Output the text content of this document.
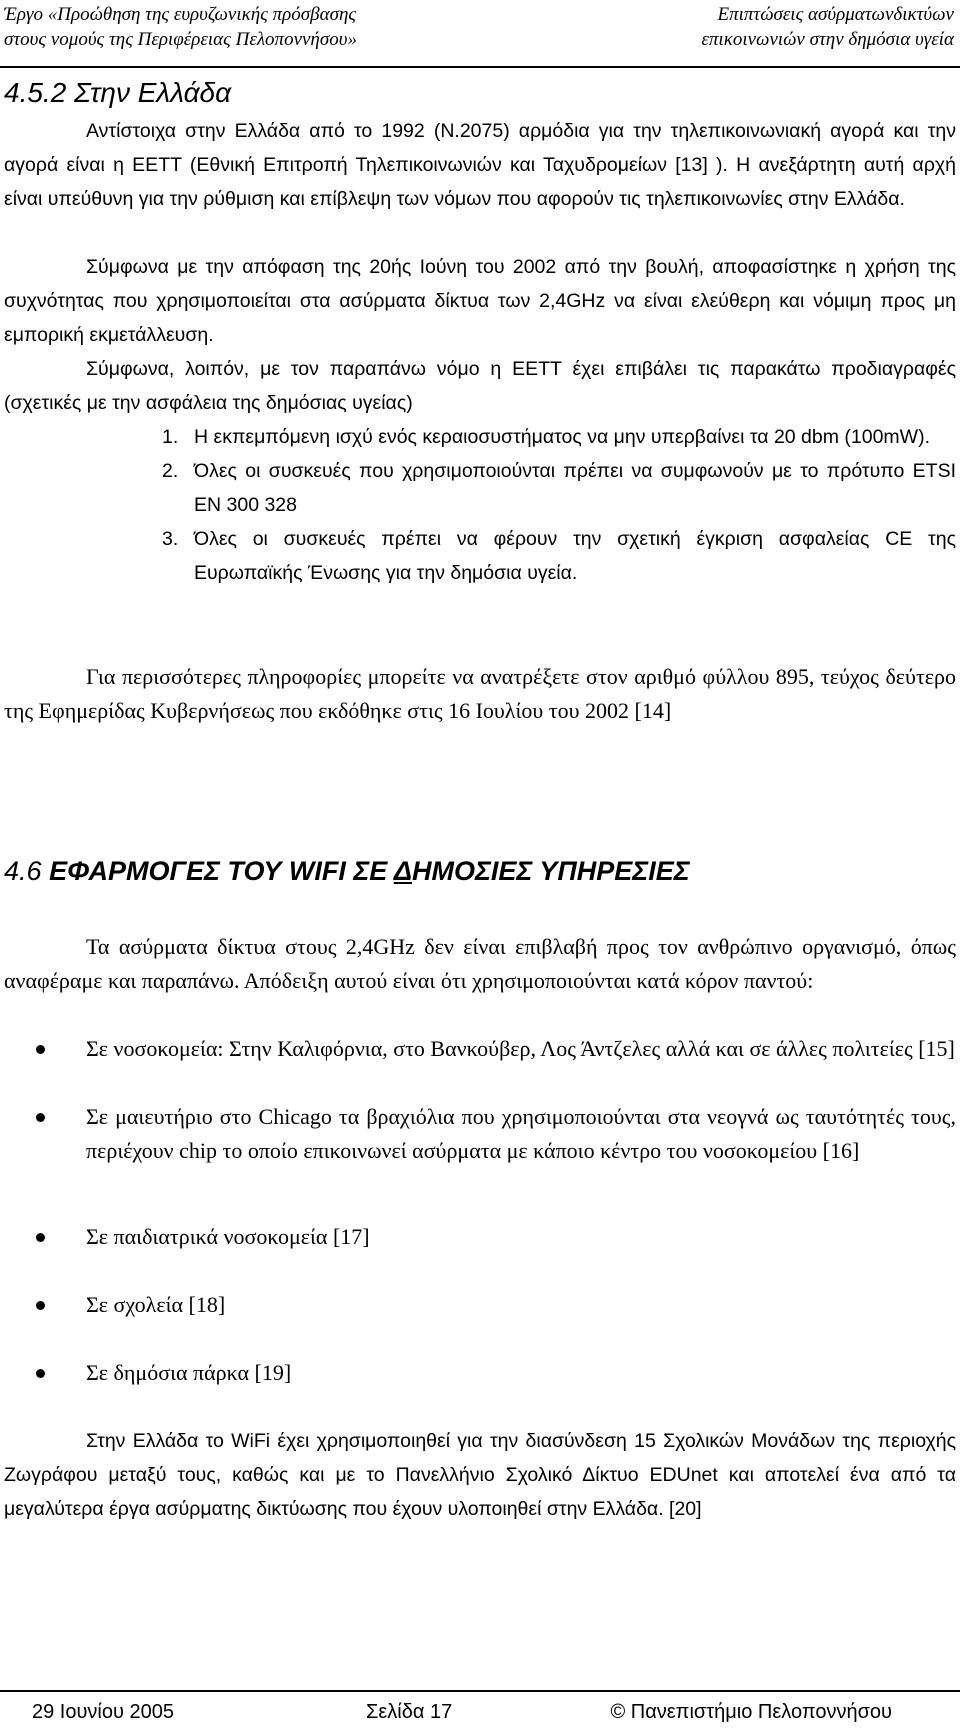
Έργο «Προώθηση της ευρυζωνικής πρόσβασης
στους νομούς της Περιφέρειας Πελοποννήσου»
Επιπτώσεις ασύρματωνδικτύων
επικοινωνιών στην δημόσια υγεία
4.5.2 Στην Ελλάδα

Αντίστοιχα στην Ελλάδα από το 1992 (Ν.2075) αρμόδια για την τηλεπικοινωνιακή αγορά και την αγορά είναι η ΕΕΤΤ (Εθνική Επιτροπή Τηλεπικοινωνιών και Ταχυδρομείων [13] ). Η ανεξάρτητη αυτή αρχή είναι υπεύθυνη για την ρύθμιση και επίβλεψη των νόμων που αφορούν τις τηλεπικοινωνίες στην Ελλάδα.

Σύμφωνα με την απόφαση της 20ής Ιούνη του 2002 από την βουλή, αποφασίστηκε η χρήση της συχνότητας που χρησιμοποιείται στα ασύρματα δίκτυα των 2,4GHz να είναι ελεύθερη και νόμιμη προς μη εμπορική εκμετάλλευση.

Σύμφωνα, λοιπόν, με τον παραπάνω νόμο η ΕΕΤΤ έχει επιβάλει τις παρακάτω προδιαγραφές (σχετικές με την ασφάλεια της δημόσιας υγείας)

1. Η εκπεμπόμενη ισχύ ενός κεραιοσυστήματος να μην υπερβαίνει τα 20 dbm (100mW).
2. Όλες οι συσκευές που χρησιμοποιούνται πρέπει να συμφωνούν με το πρότυπο ETSI EN 300 328
3. Όλες οι συσκευές πρέπει να φέρουν την σχετική έγκριση ασφαλείας CE της Ευρωπαϊκής Ένωσης για την δημόσια υγεία.

Για περισσότερες πληροφορίες μπορείτε να ανατρέξετε στον αριθμό φύλλου 895, τεύχος δεύτερο της Εφημερίδας Κυβερνήσεως που εκδόθηκε στις 16 Ιουλίου του 2002 [14]

4.6 ΕΦΑΡΜΟΓΕΣ ΤΟΥ WIFI ΣΕ ΔΗΜΟΣΙΕΣ ΥΠΗΡΕΣΙΕΣ

Τα ασύρματα δίκτυα στους 2,4GHz δεν είναι επιβλαβή προς τον ανθρώπινο οργανισμό, όπως αναφέραμε και παραπάνω. Απόδειξη αυτού είναι ότι χρησιμοποιούνται κατά κόρον παντού:

Σε νοσοκομεία: Στην Καλιφόρνια, στο Βανκούβερ, Λος Άντζελες αλλά και σε άλλες πολιτείες [15]
Σε μαιευτήριο στο Chicago τα βραχιόλια που χρησιμοποιούνται στα νεογνά ως ταυτότητές τους, περιέχουν chip το οποίο επικοινωνεί ασύρματα με κάποιο κέντρο του νοσοκομείου [16]
Σε παιδιατρικά νοσοκομεία [17]
Σε σχολεία [18]
Σε δημόσια πάρκα [19]

Στην Ελλάδα το WiFi έχει χρησιμοποιηθεί για την διασύνδεση 15 Σχολικών Μονάδων της περιοχής Ζωγράφου μεταξύ τους, καθώς και με το Πανελλήνιο Σχολικό Δίκτυο EDUnet και αποτελεί ένα από τα μεγαλύτερα έργα ασύρματης δικτύωσης που έχουν υλοποιηθεί στην Ελλάδα. [20]

29 Ιουνίου 2005	Σελίδα 17	© Πανεπιστήμιο Πελοποννήσου
